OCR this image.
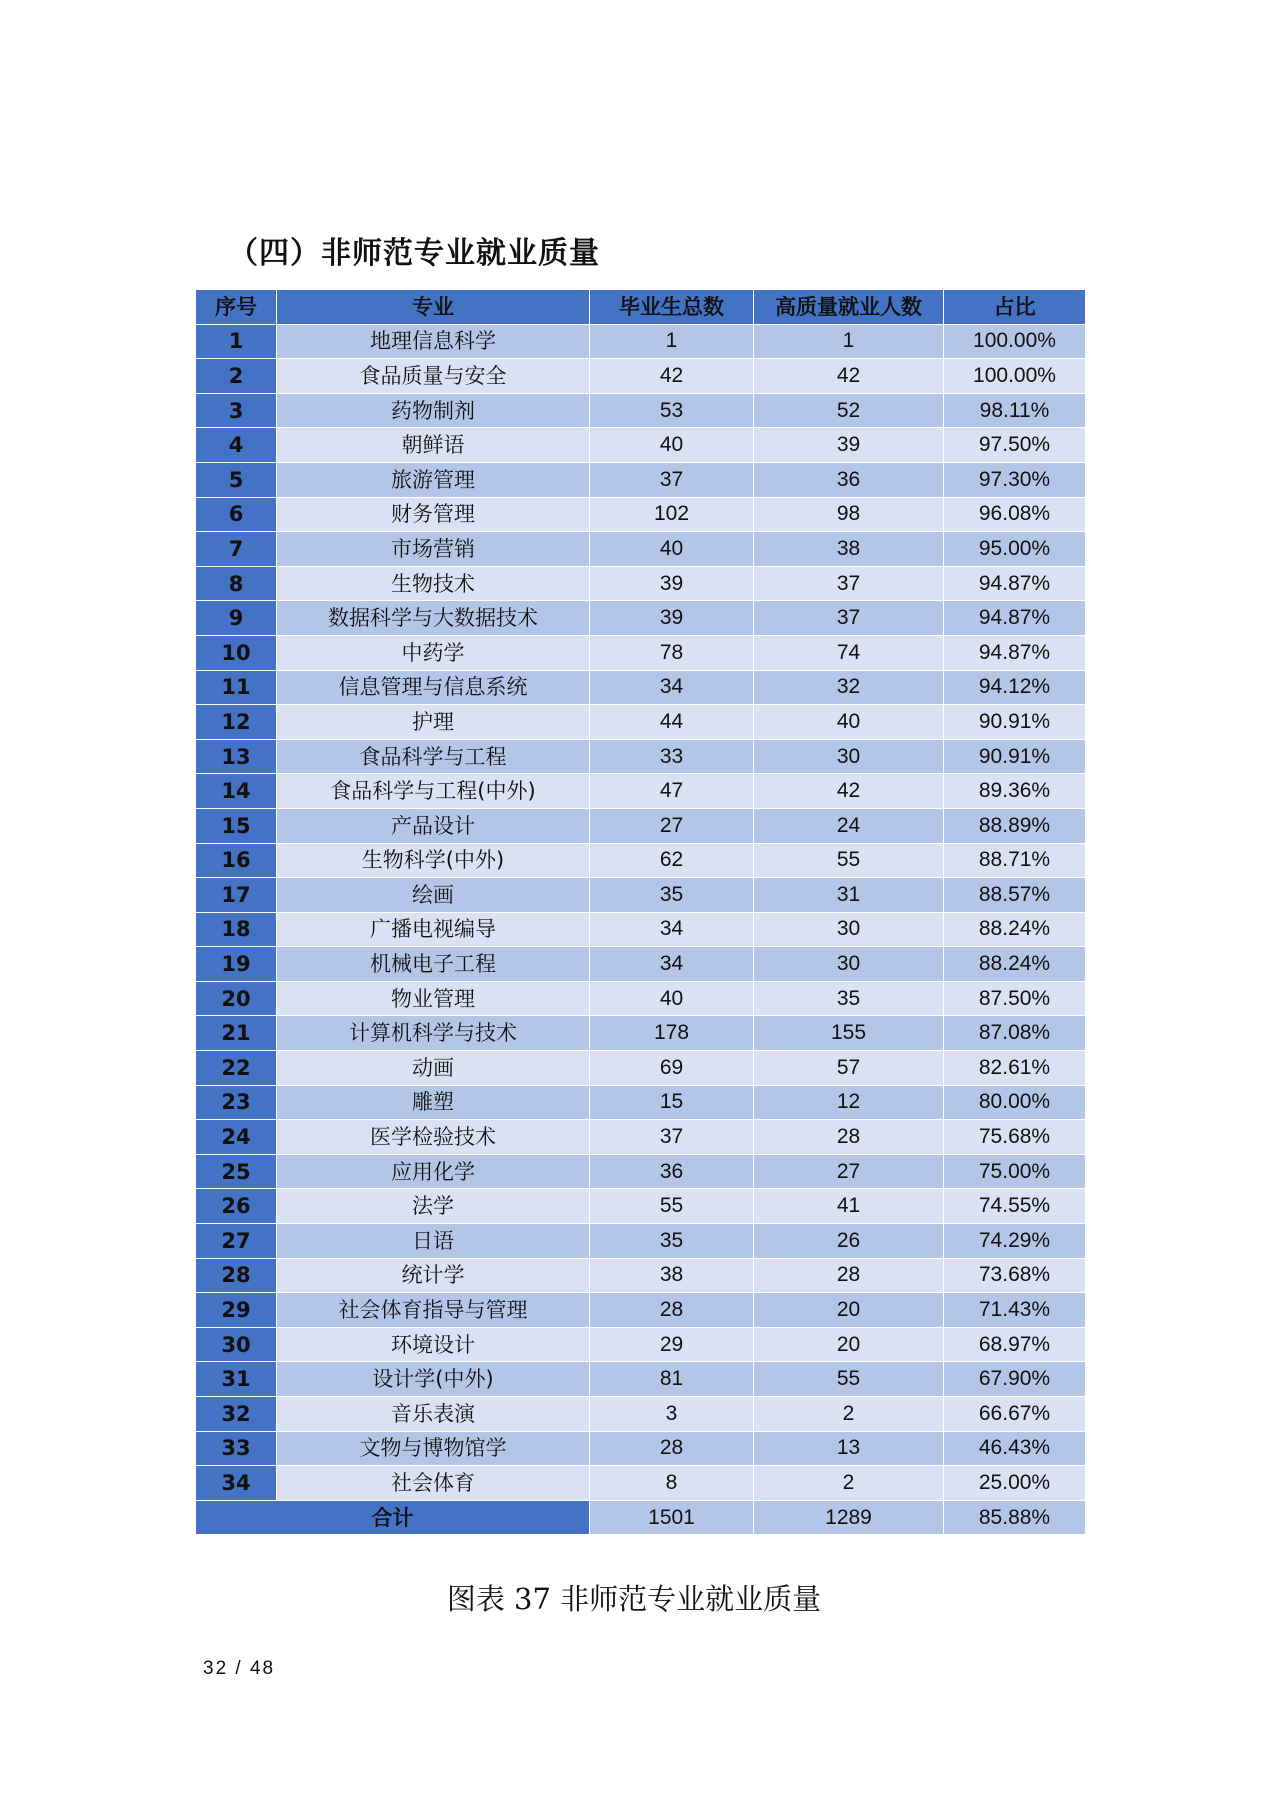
（四）非师范专业就业质量
序号	专业	毕业生总数	高质量就业人数	占比
1	地理信息科学	1	1	100.00%
2	食品质量与安全	42	42	100.00%
3	药物制剂	53	52	98.11%
4	朝鲜语	40	39	97.50%
5	旅游管理	37	36	97.30%
6	财务管理	102	98	96.08%
7	市场营销	40	38	95.00%
8	生物技术	39	37	94.87%
9	数据科学与大数据技术	39	37	94.87%
10	中药学	78	74	94.87%
11	信息管理与信息系统	34	32	94.12%
12	护理	44	40	90.91%
13	食品科学与工程	33	30	90.91%
14	食品科学与工程(中外)	47	42	89.36%
15	产品设计	27	24	88.89%
16	生物科学(中外)	62	55	88.71%
17	绘画	35	31	88.57%
18	广播电视编导	34	30	88.24%
19	机械电子工程	34	30	88.24%
20	物业管理	40	35	87.50%
21	计算机科学与技术	178	155	87.08%
22	动画	69	57	82.61%
23	雕塑	15	12	80.00%
24	医学检验技术	37	28	75.68%
25	应用化学	36	27	75.00%
26	法学	55	41	74.55%
27	日语	35	26	74.29%
28	统计学	38	28	73.68%
29	社会体育指导与管理	28	20	71.43%
30	环境设计	29	20	68.97%
31	设计学(中外)	81	55	67.90%
32	音乐表演	3	2	66.67%
33	文物与博物馆学	28	13	46.43%
34	社会体育	8	2	25.00%
合计		1501	1289	85.88%

图表 37 非师范专业就业质量

32 / 48
